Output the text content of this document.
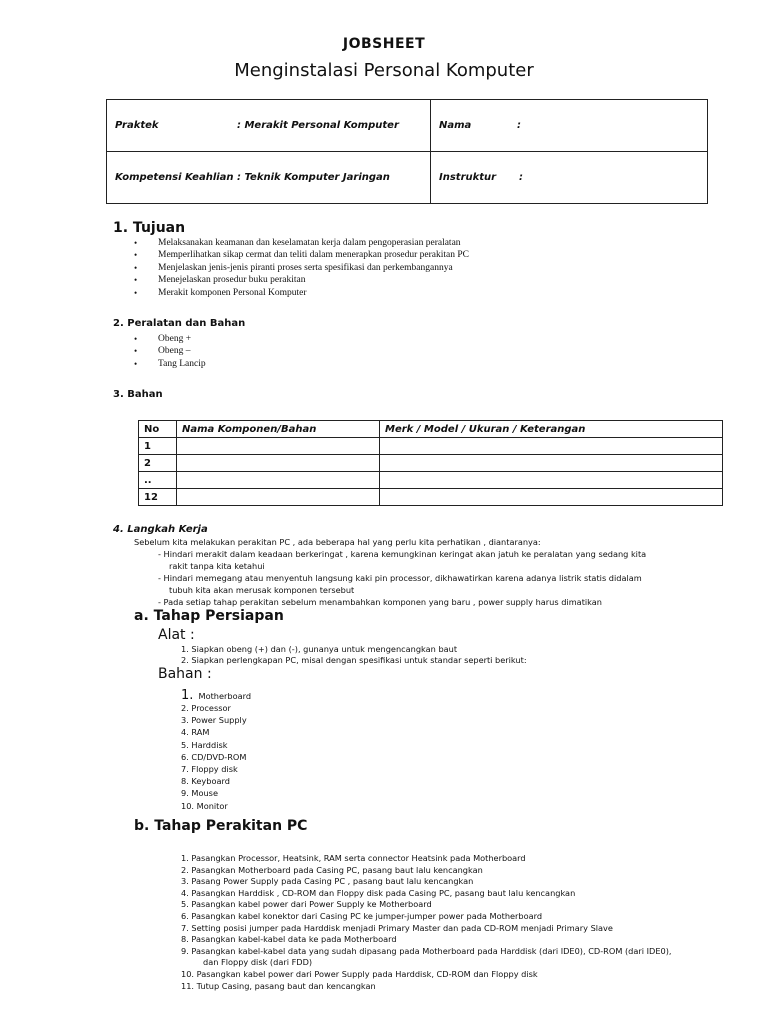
JOBSHEET
Menginstalasi Personal Komputer
Praktek : Merakit Personal Komputer	Nama :
Kompetensi Keahlian : Teknik Komputer Jaringan	Instruktur :
1. Tujuan
• Melaksanakan keamanan dan keselamatan kerja dalam pengoperasian peralatan
• Memperlihatkan sikap cermat dan teliti dalam menerapkan prosedur perakitan PC
• Menjelaskan jenis-jenis piranti proses serta spesifikasi dan perkembangannya
• Menejelaskan prosedur buku perakitan
• Merakit komponen Personal Komputer
2. Peralatan dan Bahan
• Obeng +
• Obeng –
• Tang Lancip
3. Bahan
No	Nama Komponen/Bahan	Merk / Model / Ukuran / Keterangan
1		
2		
..		
12		
4. Langkah Kerja
Sebelum kita melakukan perakitan PC , ada beberapa hal yang perlu kita perhatikan , diantaranya:
- Hindari merakit dalam keadaan berkeringat , karena kemungkinan keringat akan jatuh ke peralatan yang sedang kita
rakit tanpa kita ketahui
- Hindari memegang atau menyentuh langsung kaki pin processor, dikhawatirkan karena adanya listrik statis didalam
tubuh kita akan merusak komponen tersebut
- Pada setiap tahap perakitan sebelum menambahkan komponen yang baru , power supply harus dimatikan
a. Tahap Persiapan
Alat :
1. Siapkan obeng (+) dan (-), gunanya untuk mengencangkan baut
2. Siapkan perlengkapan PC, misal dengan spesifikasi untuk standar seperti berikut:
Bahan :
1. Motherboard
2. Processor
3. Power Supply
4. RAM
5. Harddisk
6. CD/DVD-ROM
7. Floppy disk
8. Keyboard
9. Mouse
10. Monitor
b. Tahap Perakitan PC
1. Pasangkan Processor, Heatsink, RAM serta connector Heatsink pada Motherboard
2. Pasangkan Motherboard pada Casing PC, pasang baut lalu kencangkan
3. Pasang Power Supply pada Casing PC , pasang baut lalu kencangkan
4. Pasangkan Harddisk , CD-ROM dan Floppy disk pada Casing PC, pasang baut lalu kencangkan
5. Pasangkan kabel power dari Power Supply ke Motherboard
6. Pasangkan kabel konektor dari Casing PC ke jumper-jumper power pada Motherboard
7. Setting posisi jumper pada Harddisk menjadi Primary Master dan pada CD-ROM menjadi Primary Slave
8. Pasangkan kabel-kabel data ke pada Motherboard
9. Pasangkan kabel-kabel data yang sudah dipasang pada Motherboard pada Harddisk (dari IDE0), CD-ROM (dari IDE0),
dan Floppy disk (dari FDD)
10. Pasangkan kabel power dari Power Supply pada Harddisk, CD-ROM dan Floppy disk
11. Tutup Casing, pasang baut dan kencangkan
